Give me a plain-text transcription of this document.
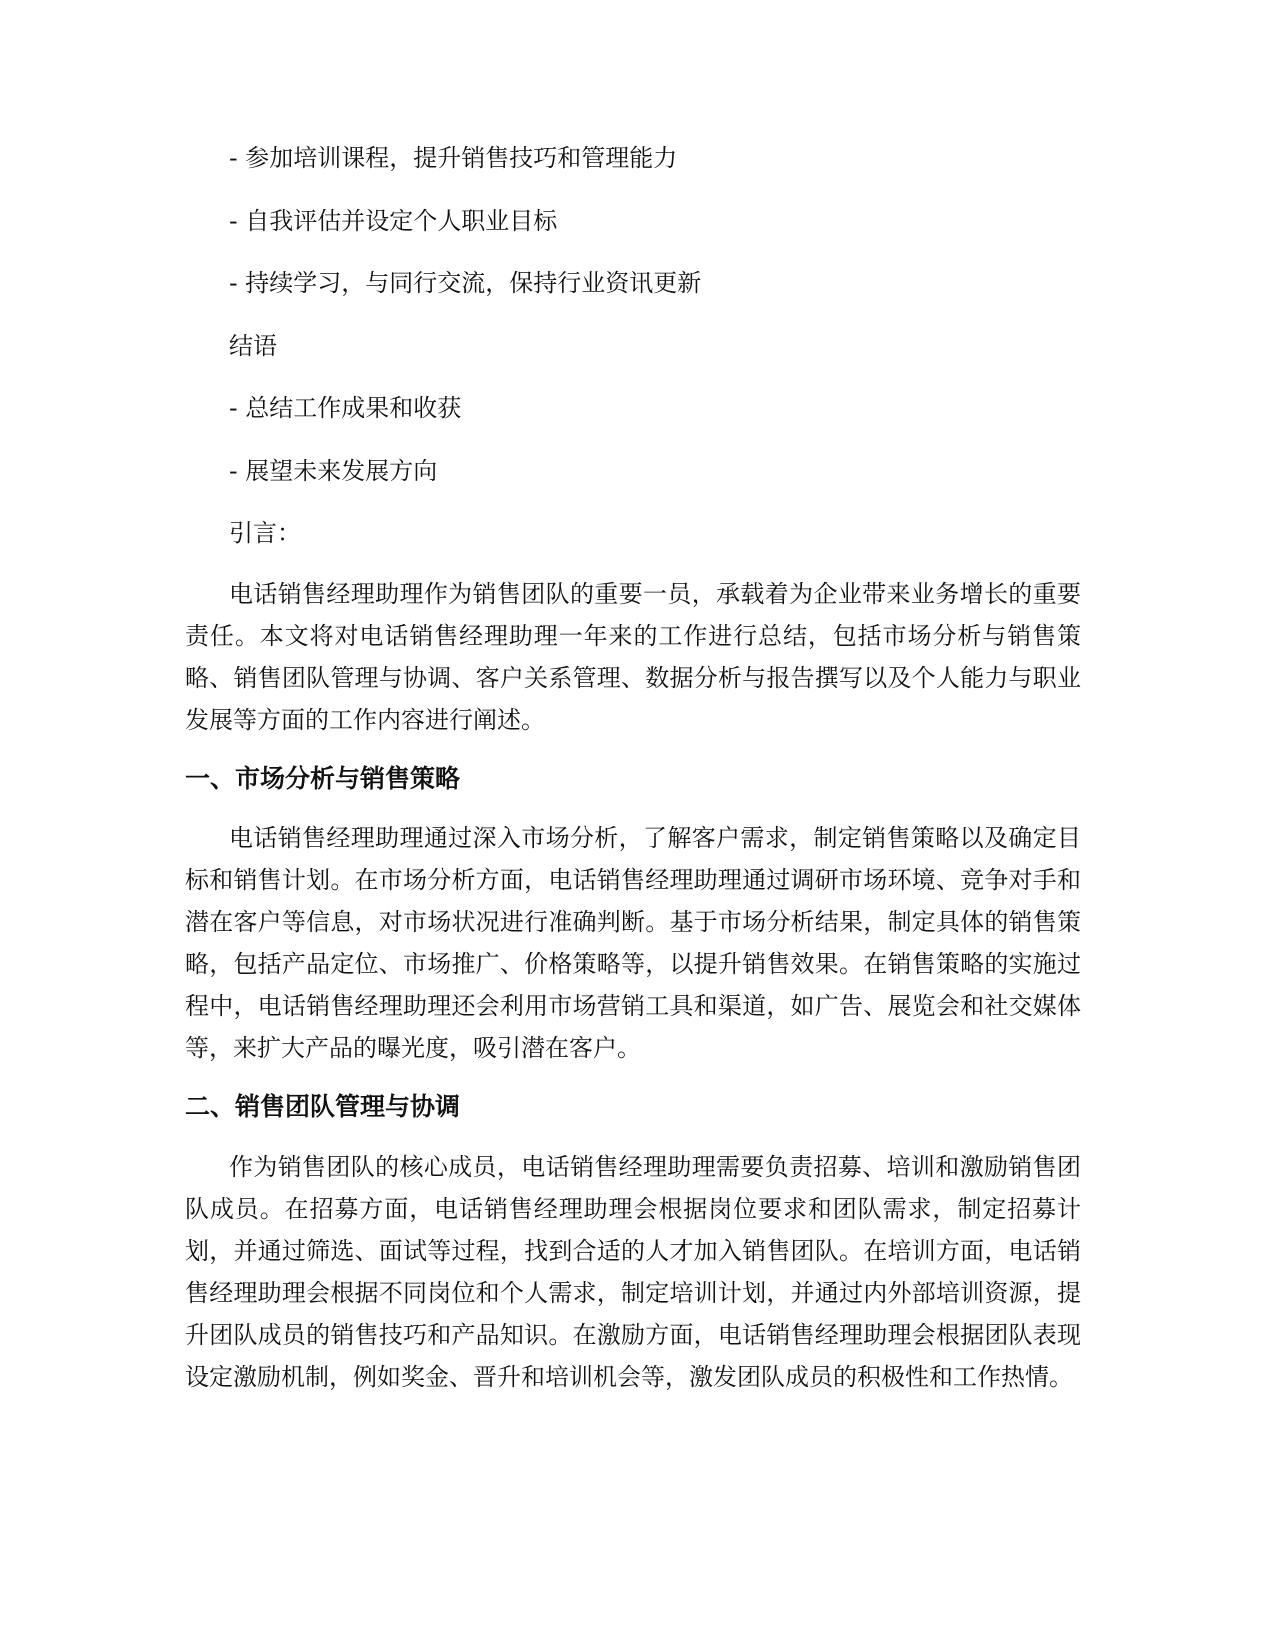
- 参加培训课程，提升销售技巧和管理能力

- 自我评估并设定个人职业目标

- 持续学习，与同行交流，保持行业资讯更新

结语

- 总结工作成果和收获

- 展望未来发展方向

引言：

电话销售经理助理作为销售团队的重要一员，承载着为企业带来业务增长的重要责任。本文将对电话销售经理助理一年来的工作进行总结，包括市场分析与销售策略、销售团队管理与协调、客户关系管理、数据分析与报告撰写以及个人能力与职业发展等方面的工作内容进行阐述。

一、市场分析与销售策略

电话销售经理助理通过深入市场分析，了解客户需求，制定销售策略以及确定目标和销售计划。在市场分析方面，电话销售经理助理通过调研市场环境、竞争对手和潜在客户等信息，对市场状况进行准确判断。基于市场分析结果，制定具体的销售策略，包括产品定位、市场推广、价格策略等，以提升销售效果。在销售策略的实施过程中，电话销售经理助理还会利用市场营销工具和渠道，如广告、展览会和社交媒体等，来扩大产品的曝光度，吸引潜在客户。

二、销售团队管理与协调

作为销售团队的核心成员，电话销售经理助理需要负责招募、培训和激励销售团队成员。在招募方面，电话销售经理助理会根据岗位要求和团队需求，制定招募计划，并通过筛选、面试等过程，找到合适的人才加入销售团队。在培训方面，电话销售经理助理会根据不同岗位和个人需求，制定培训计划，并通过内外部培训资源，提升团队成员的销售技巧和产品知识。在激励方面，电话销售经理助理会根据团队表现设定激励机制，例如奖金、晋升和培训机会等，激发团队成员的积极性和工作热情。
